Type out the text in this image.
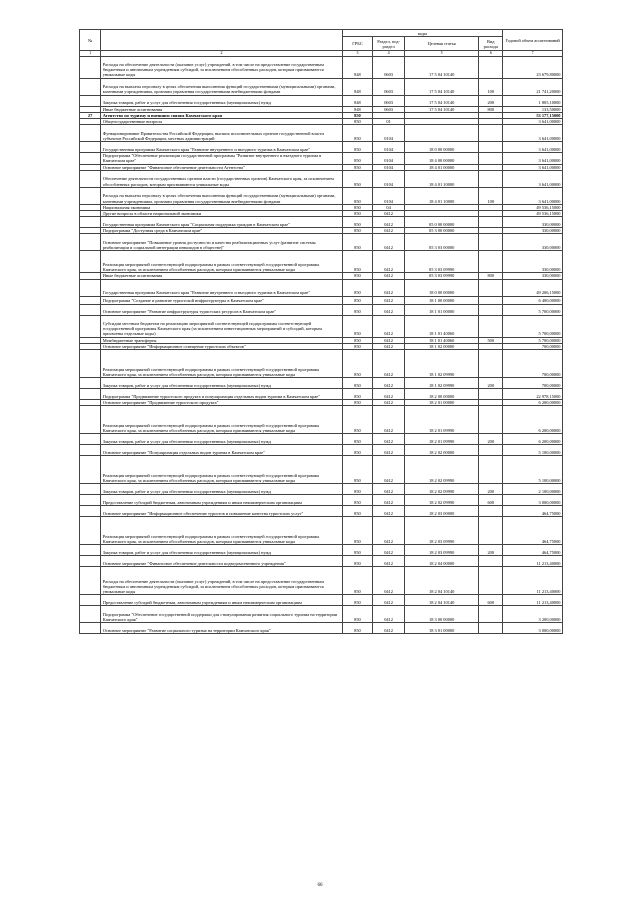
№		коды				Годовой объем ассигнований
		ГРБС	Раздел, под- раздел	Целевая статья	Вид расхода	
1	2	3	4	5	6	7
	Расходы на обеспечение деятельности (оказание услуг) учреждений, в том числе на предоставление государственным бюджетным и автономным учреждениям субсидий, за исключением обособленных расходов, которым присваиваются уникальные коды	848	0603	17 5 04 10140		23 679,80000
	Расходы на выплаты персоналу в целях обеспечения выполнения функций государственными (муниципальными) органами, казенными учреждениями, органами управления государственными внебюджетными фондами	848	0603	17 5 04 10140	100	21 741,20000
	Закупка товаров, работ и услуг для обеспечения государственных (муниципальных) нужд	848	0603	17 5 04 10140	200	1 805,10000
	Иные бюджетные ассигнования	848	0603	17 5 04 10140	800	133,50000
27	Агентство по туризму и внешним связям Камчатского края	850				53 177,15000
	Общегосударственные вопросы	850	01			3 641,00000
	Функционирование Правительства Российской Федерации, высших исполнительных органов государственной власти субъектов Российской Федерации, местных администраций	850	0104			3 641,00000
	Государственная программа Камчатского края "Развитие внутреннего и въездного туризма в Камчатском крае"	850	0104	18 0 00 00000		3 641,00000
	Подпрограмма "Обеспечение реализации государственной программы "Развитие внутреннего и въездного туризма в Камчатском крае"	850	0104	18 4 00 00000		3 641,00000
	Основное мероприятие "Финансовое обеспечение деятельности Агентства"	850	0104	18 4 01 00000		3 641,00000
	Обеспечение деятельности государственных органов власти (государственных органов) Камчатского края, за исключением обособленных расходов, которым присваиваются уникальные коды	850	0104	18 4 01 10000		3 641,00000
	Расходы на выплаты персоналу в целях обеспечения выполнения функций государственными (муниципальными) органами, казенными учреждениями, органами управления государственными внебюджетными фондами	850	0104	18 4 01 10000	100	3 641,00000
	Национальная экономика	850	04			49 536,15000
	Другие вопросы в области национальной экономики	850	0412			49 536,15000
	Государственная программа Камчатского края "Социальная поддержка граждан в Камчатском крае"	850	0412	05 0 00 00000		330,00000
	Подпрограмма "Доступная среда в Камчатском крае"	850	0412	05 3 00 00000		330,00000
	Основное мероприятие "Повышение уровня доступности и качества реабилитационных услуг (развитие системы реабилитации и социальной интеграции инвалидов в обществе)"	850	0412	05 3 03 00000		330,00000
	Реализация мероприятий соответствующей подпрограммы в рамках соответствующей государственной программы Камчатского края, за исключением обособленных расходов, которым присваиваются уникальные коды	850	0412	05 3 03 09990		330,00000
	Иные бюджетные ассигнования	850	0412	05 3 03 09990	800	330,00000
	Государственная программа Камчатского края "Развитие внутреннего и въездного туризма в Камчатском крае"	850	0412	18 0 00 00000		49 206,15000
	Подпрограмма "Создание и развитие туристской инфраструктуры в Камчатском крае"	850	0412	18 1 00 00000		6 400,00000
	Основное мероприятие "Развитие инфраструктуры туристских ресурсов в Камчатском крае"	850	0412	18 1 01 00000		5 700,00000
	Субсидии местным бюджетам на реализацию мероприятий соответствующей подпрограммы соответствующей государственной программы Камчатского края (за исключением инвестиционных мероприятий и субсидий, которым присвоены отдельные коды)	850	0412	18 1 01 40060		5 700,00000
	Межбюджетные трансферты	850	0412	18 1 01 40060	500	5 700,00000
	Основное мероприятие "Информационное освещение туристских объектов"	850	0412	18 1 02 00000		700,00000
	Реализация мероприятий соответствующей подпрограммы в рамках соответствующей государственной программы Камчатского края, за исключением обособленных расходов, которым присваиваются уникальные коды	850	0412	18 1 02 09990		700,00000
	Закупка товаров, работ и услуг для обеспечения государственных (муниципальных) нужд	850	0412	18 1 02 09990	200	700,00000
	Подпрограмма "Продвижение туристского продукта и популяризация отдельных видов туризма в Камчатском крае"	850	0412	18 2 00 00000		22 978,15000
	Основное мероприятие "Продвижение туристского продукта"	850	0412	18 2 01 00000		6 200,00000
	Реализация мероприятий соответствующей подпрограммы в рамках соответствующей государственной программы Камчатского края, за исключением обособленных расходов, которым присваиваются уникальные коды	850	0412	18 2 01 09990		6 200,00000
	Закупка товаров, работ и услуг для обеспечения государственных (муниципальных) нужд	850	0412	18 2 01 09990	200	6 200,00000
	Основное мероприятие "Популяризация отдельных видов туризма в Камчатском крае"	850	0412	18 2 02 00000		5 100,00000
	Реализация мероприятий соответствующей подпрограммы в рамках соответствующей государственной программы Камчатского края, за исключением обособленных расходов, которым присваиваются уникальные коды	850	0412	18 2 02 09990		5 100,00000
	Закупка товаров, работ и услуг для обеспечения государственных (муниципальных) нужд	850	0412	18 2 02 09990	200	2 100,00000
	Предоставление субсидий бюджетным, автономным учреждениям и иным некоммерческим организациям	850	0412	18 2 02 09990	600	3 000,00000
	Основное мероприятие "Информационное обеспечение туристов и повышение качества туристских услуг"	850	0412	18 2 03 00000		464,75000
	Реализация мероприятий соответствующей подпрограммы в рамках соответствующей государственной программы Камчатского края, за исключением обособленных расходов, которым присваиваются уникальные коды	850	0412	18 2 03 09990		464,75000
	Закупка товаров, работ и услуг для обеспечения государственных (муниципальных) нужд	850	0412	18 2 03 09990	200	464,75000
	Основное мероприятие "Финансовое обеспечение деятельности подведомственного учреждения"	850	0412	18 2 04 00000		11 213,40000
	Расходы на обеспечение деятельности (оказание услуг) учреждений, в том числе на предоставление государственным бюджетным и автономным учреждениям субсидий, за исключением обособленных расходов, которым присваиваются уникальные коды	850	0412	18 2 04 10140		11 213,40000
	Предоставление субсидий бюджетным, автономным учреждениям и иным некоммерческим организациям	850	0412	18 2 04 10140	600	11 213,40000
	Подпрограмма "Обеспечение государственной поддержки для стимулирования развития социального туризма на территории Камчатского края"	850	0412	18 3 00 00000		3 200,00000
	Основное мероприятие "Развитие социального туризма на территории Камчатского края"	850	0412	18 3 01 00000		3 000,00000
66
